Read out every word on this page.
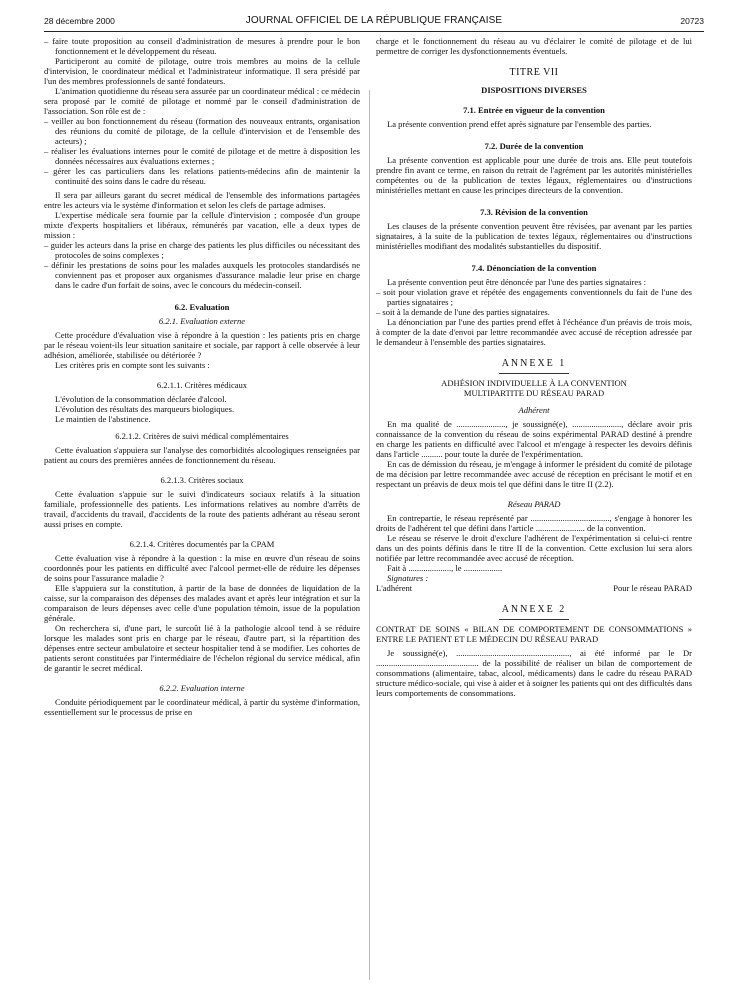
28 décembre 2000	JOURNAL OFFICIEL DE LA RÉPUBLIQUE FRANÇAISE	20723

– faire toute proposition au conseil d'administration de mesures à prendre pour le bon fonctionnement et le développement du réseau.

Participeront au comité de pilotage, outre trois membres au moins de la cellule d'intervision, le coordinateur médical et l'administrateur informatique. Il sera présidé par l'un des membres professionnels de santé fondateurs.

L'animation quotidienne du réseau sera assurée par un coordinateur médical : ce médecin sera proposé par le comité de pilotage et nommé par le conseil d'administration de l'association. Son rôle est de :

– veiller au bon fonctionnement du réseau (formation des nouveaux entrants, organisation des réunions du comité de pilotage, de la cellule d'intervision et de l'ensemble des acteurs) ;

– réaliser les évaluations internes pour le comité de pilotage et de mettre à disposition les données nécessaires aux évaluations externes ;

– gérer les cas particuliers dans les relations patients-médecins afin de maintenir la continuité des soins dans le cadre du réseau.

Il sera par ailleurs garant du secret médical de l'ensemble des informations partagées entre les acteurs via le système d'information et selon les clefs de partage admises.

L'expertise médicale sera fournie par la cellule d'intervision ; composée d'un groupe mixte d'experts hospitaliers et libéraux, rémunérés par vacation, elle a deux types de mission :

– guider les acteurs dans la prise en charge des patients les plus difficiles ou nécessitant des protocoles de soins complexes ;

– définir les prestations de soins pour les malades auxquels les protocoles standardisés ne conviennent pas et proposer aux organismes d'assurance maladie leur prise en charge dans le cadre d'un forfait de soins, avec le concours du médecin-conseil.

6.2. Evaluation

6.2.1. Evaluation externe

Cette procédure d'évaluation vise à répondre à la question : les patients pris en charge par le réseau voient-ils leur situation sanitaire et sociale, par rapport à celle observée à leur adhésion, améliorée, stabilisée ou détériorée ?

Les critères pris en compte sont les suivants :

6.2.1.1. Critères médicaux

L'évolution de la consommation déclarée d'alcool.

L'évolution des résultats des marqueurs biologiques.

Le maintien de l'abstinence.

6.2.1.2. Critères de suivi médical complémentaires

Cette évaluation s'appuiera sur l'analyse des comorbidités alcoologiques renseignées par patient au cours des premières années de fonctionnement du réseau.

6.2.1.3. Critères sociaux

Cette évaluation s'appuie sur le suivi d'indicateurs sociaux relatifs à la situation familiale, professionnelle des patients. Les informations relatives au nombre d'arrêts de travail, d'accidents du travail, d'accidents de la route des patients adhérant au réseau seront aussi prises en compte.

6.2.1.4. Critères documentés par la CPAM

Cette évaluation vise à répondre à la question : la mise en œuvre d'un réseau de soins coordonnés pour les patients en difficulté avec l'alcool permet-elle de réduire les dépenses de soins pour l'assurance maladie ?

Elle s'appuiera sur la constitution, à partir de la base de données de liquidation de la caisse, sur la comparaison des dépenses des malades avant et après leur intégration et sur la comparaison de leurs dépenses avec celle d'une population témoin, issue de la population générale.

On recherchera si, d'une part, le surcoût lié à la pathologie alcool tend à se réduire lorsque les malades sont pris en charge par le réseau, d'autre part, si la répartition des dépenses entre secteur ambulatoire et secteur hospitalier tend à se modifier. Les cohortes de patients seront constituées par l'intermédiaire de l'échelon régional du service médical, afin de garantir le secret médical.

6.2.2. Evaluation interne

Conduite périodiquement par le coordinateur médical, à partir du système d'information, essentiellement sur le processus de prise en

charge et le fonctionnement du réseau au vu d'éclairer le comité de pilotage et de lui permettre de corriger les dysfonctionnements éventuels.

TITRE VII

DISPOSITIONS DIVERSES

7.1. Entrée en vigueur de la convention

La présente convention prend effet après signature par l'ensemble des parties.

7.2. Durée de la convention

La présente convention est applicable pour une durée de trois ans. Elle peut toutefois prendre fin avant ce terme, en raison du retrait de l'agrément par les autorités ministérielles compétentes ou de la publication de textes légaux, réglementaires ou d'instructions ministérielles mettant en cause les principes directeurs de la convention.

7.3. Révision de la convention

Les clauses de la présente convention peuvent être révisées, par avenant par les parties signataires, à la suite de la publication de textes légaux, réglementaires ou d'instructions ministérielles modifiant des modalités substantielles du dispositif.

7.4. Dénonciation de la convention

La présente convention peut être dénoncée par l'une des parties signataires :

– soit pour violation grave et répétée des engagements conventionnels du fait de l'une des parties signataires ;

– soit à la demande de l'une des parties signataires.

La dénonciation par l'une des parties prend effet à l'échéance d'un préavis de trois mois, à compter de la date d'envoi par lettre recommandée avec accusé de réception adressée par le demandeur à l'ensemble des parties signataires.

ANNEXE 1

ADHÉSION INDIVIDUELLE À LA CONVENTION

MULTIPARTITE DU RÉSEAU PARAD

Adhérent

En ma qualité de ......................., je soussigné(e), ......................., déclare avoir pris connaissance de la convention du réseau de soins expérimental PARAD destiné à prendre en charge les patients en difficulté avec l'alcool et m'engage à respecter les devoirs définis dans l'article .......... pour toute la durée de l'expérimentation.

En cas de démission du réseau, je m'engage à informer le président du comité de pilotage de ma décision par lettre recommandée avec accusé de réception en précisant le motif et en respectant un préavis de deux mois tel que défini dans le titre II (2.2).

Réseau PARAD

En contrepartie, le réseau représenté par ....................................., s'engage à honorer les droits de l'adhérent tel que défini dans l'article ....................... de la convention.

Le réseau se réserve le droit d'exclure l'adhérent de l'expérimentation si celui-ci rentre dans un des points définis dans le titre II de la convention. Cette exclusion lui sera alors notifiée par lettre recommandée avec accusé de réception.

Fait à ...................., le ..................

Signatures :

L'adhérent	Pour le réseau PARAD

ANNEXE 2

CONTRAT DE SOINS « BILAN DE COMPORTEMENT DE CONSOMMATIONS » ENTRE LE PATIENT ET LE MÉDECIN DU RÉSEAU PARAD

Je soussigné(e), ....................................................., ai été informé par le Dr ................................................ de la possibilité de réaliser un bilan de comportement de consommations (alimentaire, tabac, alcool, médicaments) dans le cadre du réseau PARAD structure médico-sociale, qui vise à aider et à soigner les patients qui ont des difficultés dans leurs comportements de consommations.
